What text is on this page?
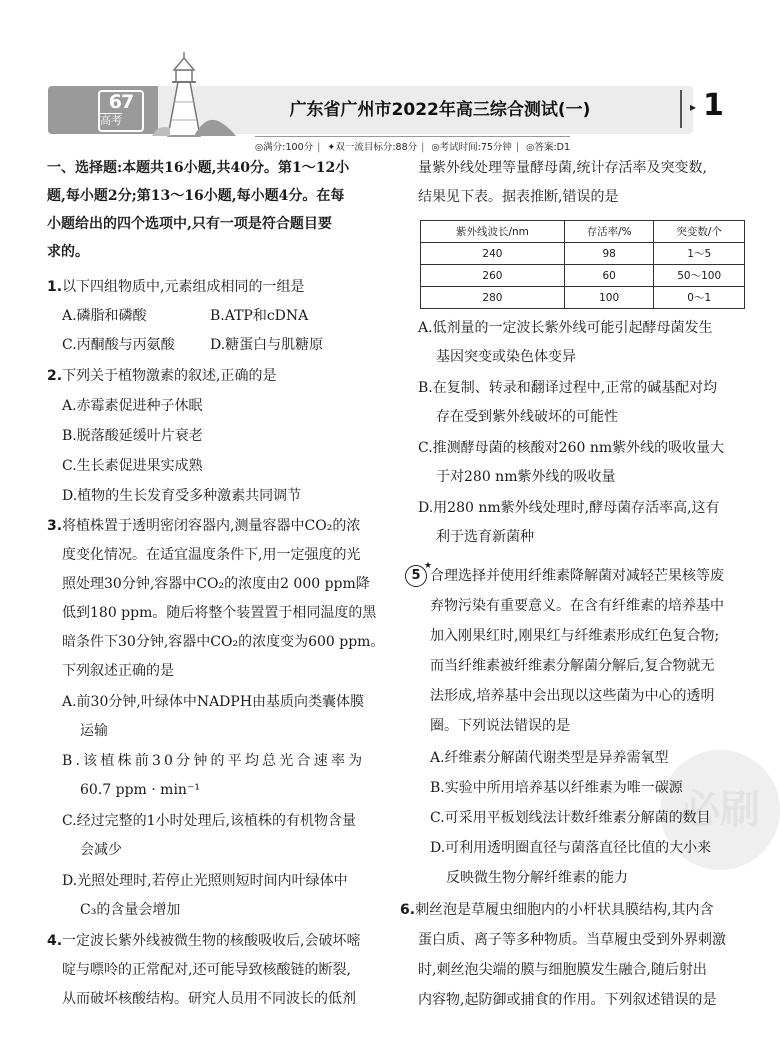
67
高考
广东省广州市2022年高三综合测试(一)	▸ 1
◎满分:100分 | ✦双一流目标分:88分 | ◎考试时间:75分钟 | ◎答案:D1
一、选择题:本题共16小题,共40分。第1～12小
题,每小题2分;第13～16小题,每小题4分。在每
小题给出的四个选项中,只有一项是符合题目要
求的。
1.以下四组物质中,元素组成相同的一组是
A.磷脂和磷酸	B.ATP和cDNA
C.丙酮酸与丙氨酸	D.糖蛋白与肌糖原
2.下列关于植物激素的叙述,正确的是
A.赤霉素促进种子休眠
B.脱落酸延缓叶片衰老
C.生长素促进果实成熟
D.植物的生长发育受多种激素共同调节
3.将植株置于透明密闭容器内,测量容器中CO₂的浓
度变化情况。在适宜温度条件下,用一定强度的光
照处理30分钟,容器中CO₂的浓度由2 000 ppm降
低到180 ppm。随后将整个装置置于相同温度的黑
暗条件下30分钟,容器中CO₂的浓度变为600 ppm。
下列叙述正确的是
A.前30分钟,叶绿体中NADPH由基质向类囊体膜
运输
B.该植株前30分钟的平均总光合速率为
60.7 ppm · min⁻¹
C.经过完整的1小时处理后,该植株的有机物含量
会减少
D.光照处理时,若停止光照则短时间内叶绿体中
C₃的含量会增加
4.一定波长紫外线被微生物的核酸吸收后,会破坏嘧
啶与嘌呤的正常配对,还可能导致核酸链的断裂,
从而破坏核酸结构。研究人员用不同波长的低剂
量紫外线处理等量酵母菌,统计存活率及突变数,
结果见下表。据表推断,错误的是
紫外线波长/nm	存活率/%	突变数/个
240	98	1～5
260	60	50～100
280	100	0～1
A.低剂量的一定波长紫外线可能引起酵母菌发生
基因突变或染色体变异
B.在复制、转录和翻译过程中,正常的碱基配对均
存在受到紫外线破坏的可能性
C.推测酵母菌的核酸对260 nm紫外线的吸收量大
于对280 nm紫外线的吸收量
D.用280 nm紫外线处理时,酵母菌存活率高,这有
利于选育新菌种
5
★
合理选择并使用纤维素降解菌对减轻芒果核等废
弃物污染有重要意义。在含有纤维素的培养基中
加入刚果红时,刚果红与纤维素形成红色复合物;
而当纤维素被纤维素分解菌分解后,复合物就无
法形成,培养基中会出现以这些菌为中心的透明
圈。下列说法错误的是
必刷
A.纤维素分解菌代谢类型是异养需氧型
B.实验中所用培养基以纤维素为唯一碳源
C.可采用平板划线法计数纤维素分解菌的数目
D.可利用透明圈直径与菌落直径比值的大小来
反映微生物分解纤维素的能力
6.刺丝泡是草履虫细胞内的小杆状具膜结构,其内含
蛋白质、离子等多种物质。当草履虫受到外界刺激
时,刺丝泡尖端的膜与细胞膜发生融合,随后射出
内容物,起防御或捕食的作用。下列叙述错误的是
